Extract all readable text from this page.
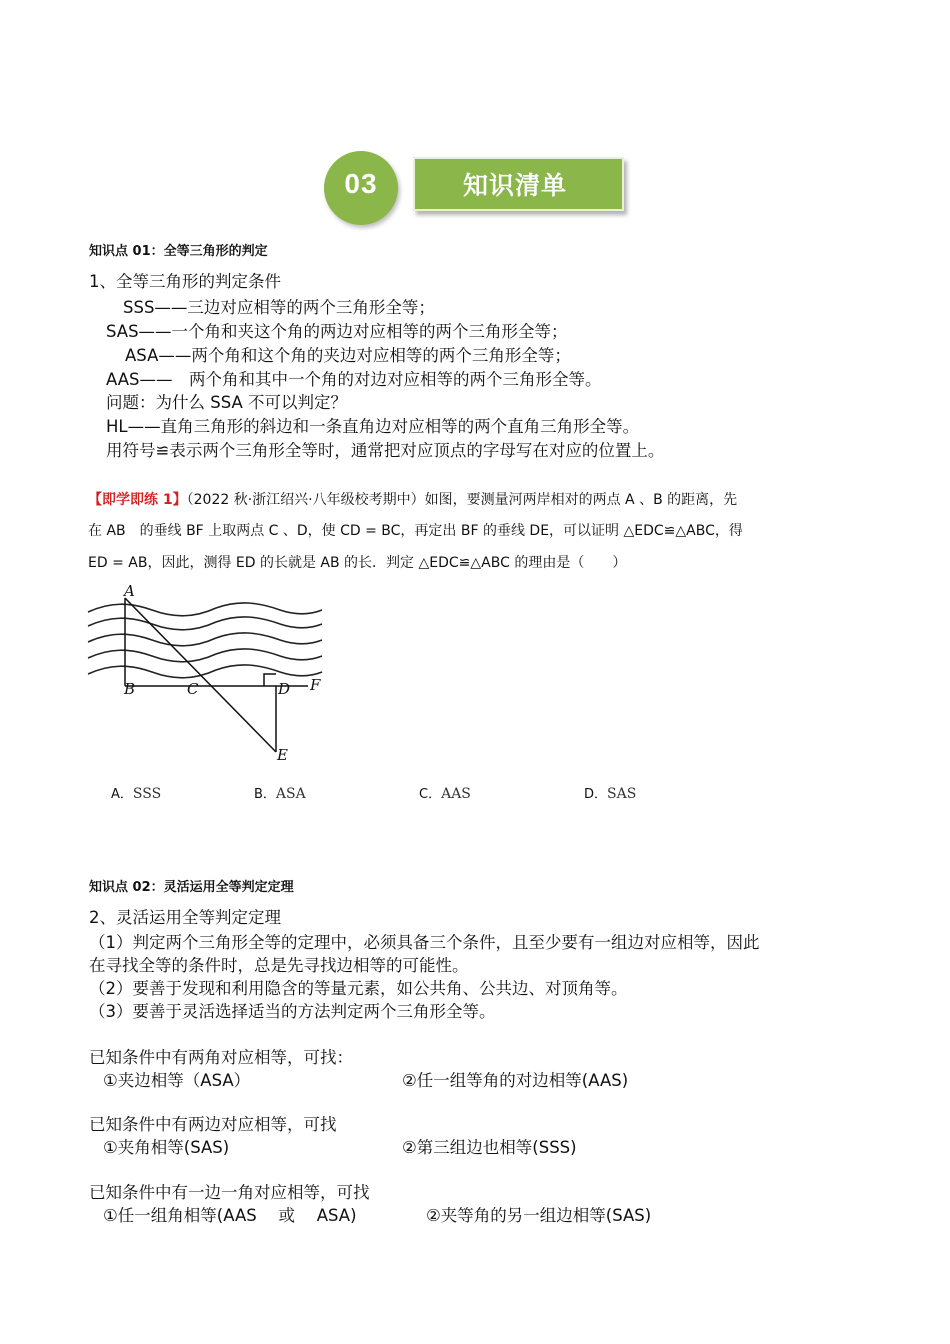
03	知识清单
知识点 01：全等三角形的判定
1、全等三角形的判定条件
SSS——三边对应相等的两个三角形全等；
SAS——一个角和夹这个角的两边对应相等的两个三角形全等；
ASA——两个角和这个角的夹边对应相等的两个三角形全等；
AAS——　两个角和其中一个角的对边对应相等的两个三角形全等。
问题：为什么 SSA 不可以判定？
HL——直角三角形的斜边和一条直角边对应相等的两个直角三角形全等。
用符号≌表示两个三角形全等时，通常把对应顶点的字母写在对应的位置上。
【即学即练 1】（2022 秋·浙江绍兴·八年级校考期中）如图，要测量河两岸相对的两点 A 、B 的距离，先
在 AB　的垂线 BF 上取两点 C 、D，使 CD = BC，再定出 BF 的垂线 DE，可以证明 △EDC≌△ABC，得
ED = AB，因此，测得 ED 的长就是 AB 的长．判定 △EDC≌△ABC 的理由是（　　）
A
B	C	D F
E
A．SSS	B．ASA	C．AAS	D．SAS
知识点 02：灵活运用全等判定定理
2、灵活运用全等判定定理
（1）判定两个三角形全等的定理中，必须具备三个条件，且至少要有一组边对应相等，因此
在寻找全等的条件时，总是先寻找边相等的可能性。
（2）要善于发现和利用隐含的等量元素，如公共角、公共边、对顶角等。
（3）要善于灵活选择适当的方法判定两个三角形全等。
已知条件中有两角对应相等，可找：
①夹边相等（ASA）	②任一组等角的对边相等(AAS)
已知条件中有两边对应相等，可找
①夹角相等(SAS)	②第三组边也相等(SSS)
已知条件中有一边一角对应相等，可找
①任一组角相等(AAS　 或　 ASA)	②夹等角的另一组边相等(SAS)
